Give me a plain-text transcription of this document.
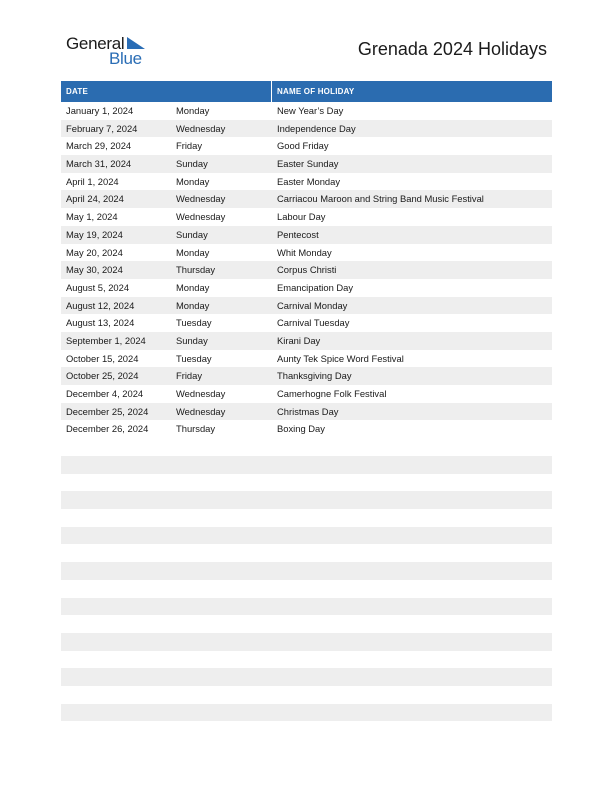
General
Blue	Grenada 2024 Holidays
DATE	NAME OF HOLIDAY
January 1, 2024	Monday	New Year’s Day
February 7, 2024	Wednesday	Independence Day
March 29, 2024	Friday	Good Friday
March 31, 2024	Sunday	Easter Sunday
April 1, 2024	Monday	Easter Monday
April 24, 2024	Wednesday	Carriacou Maroon and String Band Music Festival
May 1, 2024	Wednesday	Labour Day
May 19, 2024	Sunday	Pentecost
May 20, 2024	Monday	Whit Monday
May 30, 2024	Thursday	Corpus Christi
August 5, 2024	Monday	Emancipation Day
August 12, 2024	Monday	Carnival Monday
August 13, 2024	Tuesday	Carnival Tuesday
September 1, 2024	Sunday	Kirani Day
October 15, 2024	Tuesday	Aunty Tek Spice Word Festival
October 25, 2024	Friday	Thanksgiving Day
December 4, 2024	Wednesday	Camerhogne Folk Festival
December 25, 2024	Wednesday	Christmas Day
December 26, 2024	Thursday	Boxing Day
